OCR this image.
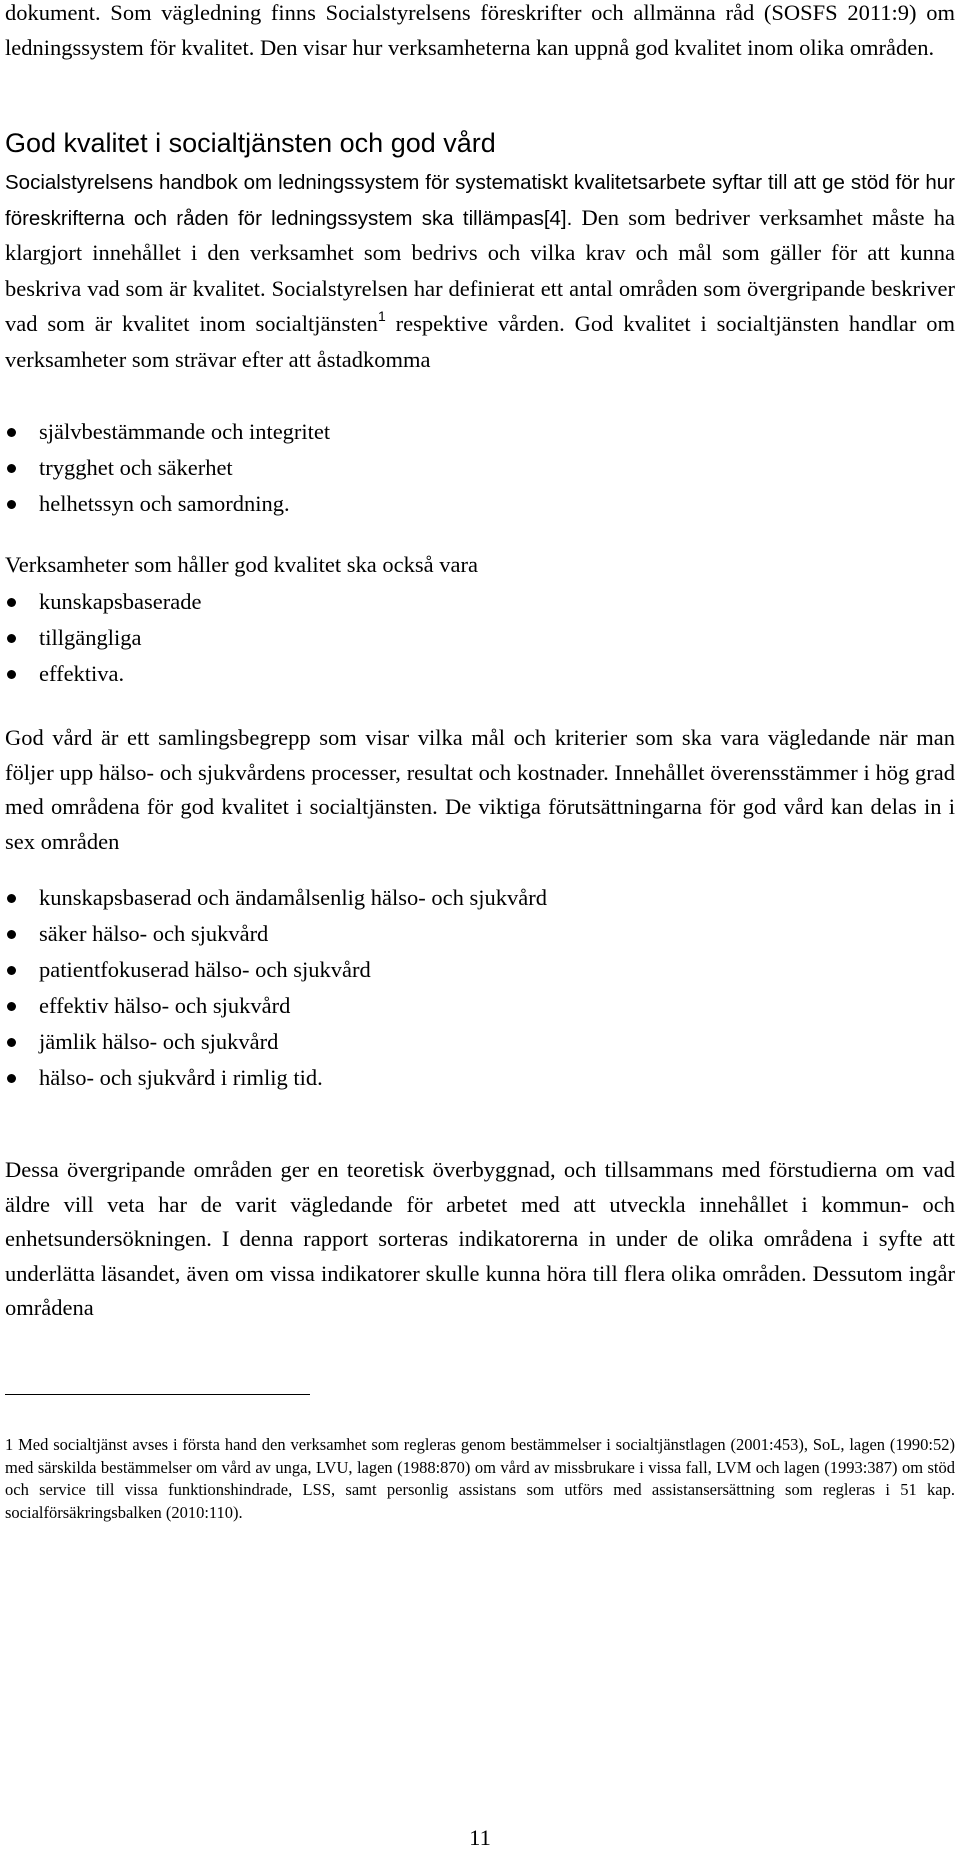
dokument. Som vägledning finns Socialstyrelsens föreskrifter och allmänna råd (SOSFS 2011:9) om ledningssystem för kvalitet. Den visar hur verksamheterna kan uppnå god kvalitet inom olika områden.

God kvalitet i socialtjänsten och god vård

Socialstyrelsens handbok om ledningssystem för systematiskt kvalitetsarbete syftar till att ge stöd för hur föreskrifterna och råden för ledningssystem ska tillämpas[4]. Den som bedriver verksamhet måste ha klargjort innehållet i den verksamhet som bedrivs och vilka krav och mål som gäller för att kunna beskriva vad som är kvalitet. Socialstyrelsen har definierat ett antal områden som övergripande beskriver vad som är kvalitet inom socialtjänsten$^1$ respektive vården. God kvalitet i socialtjänsten handlar om verksamheter som strävar efter att åstadkomma

självbestämmande och integritet
trygghet och säkerhet
helhetssyn och samordning.

Verksamheter som håller god kvalitet ska också vara

kunskapsbaserade
tillgängliga
effektiva.

God vård är ett samlingsbegrepp som visar vilka mål och kriterier som ska vara vägledande när man följer upp hälso- och sjukvårdens processer, resultat och kostnader. Innehållet överensstämmer i hög grad med områdena för god kvalitet i socialtjänsten. De viktiga förutsättningarna för god vård kan delas in i sex områden

kunskapsbaserad och ändamålsenlig hälso- och sjukvård
säker hälso- och sjukvård
patientfokuserad hälso- och sjukvård
effektiv hälso- och sjukvård
jämlik hälso- och sjukvård
hälso- och sjukvård i rimlig tid.

Dessa övergripande områden ger en teoretisk överbyggnad, och tillsammans med förstudierna om vad äldre vill veta har de varit vägledande för arbetet med att utveckla innehållet i kommun- och enhetsundersökningen. I denna rapport sorteras indikatorerna in under de olika områdena i syfte att underlätta läsandet, även om vissa indikatorer skulle kunna höra till flera olika områden. Dessutom ingår områdena

1 Med socialtjänst avses i första hand den verksamhet som regleras genom bestämmelser i socialtjänstlagen (2001:453), SoL, lagen (1990:52) med särskilda bestämmelser om vård av unga, LVU, lagen (1988:870) om vård av missbrukare i vissa fall, LVM och lagen (1993:387) om stöd och service till vissa funktionshindrade, LSS, samt personlig assistans som utförs med assistansersättning som regleras i 51 kap. socialförsäkringsbalken (2010:110).

11
